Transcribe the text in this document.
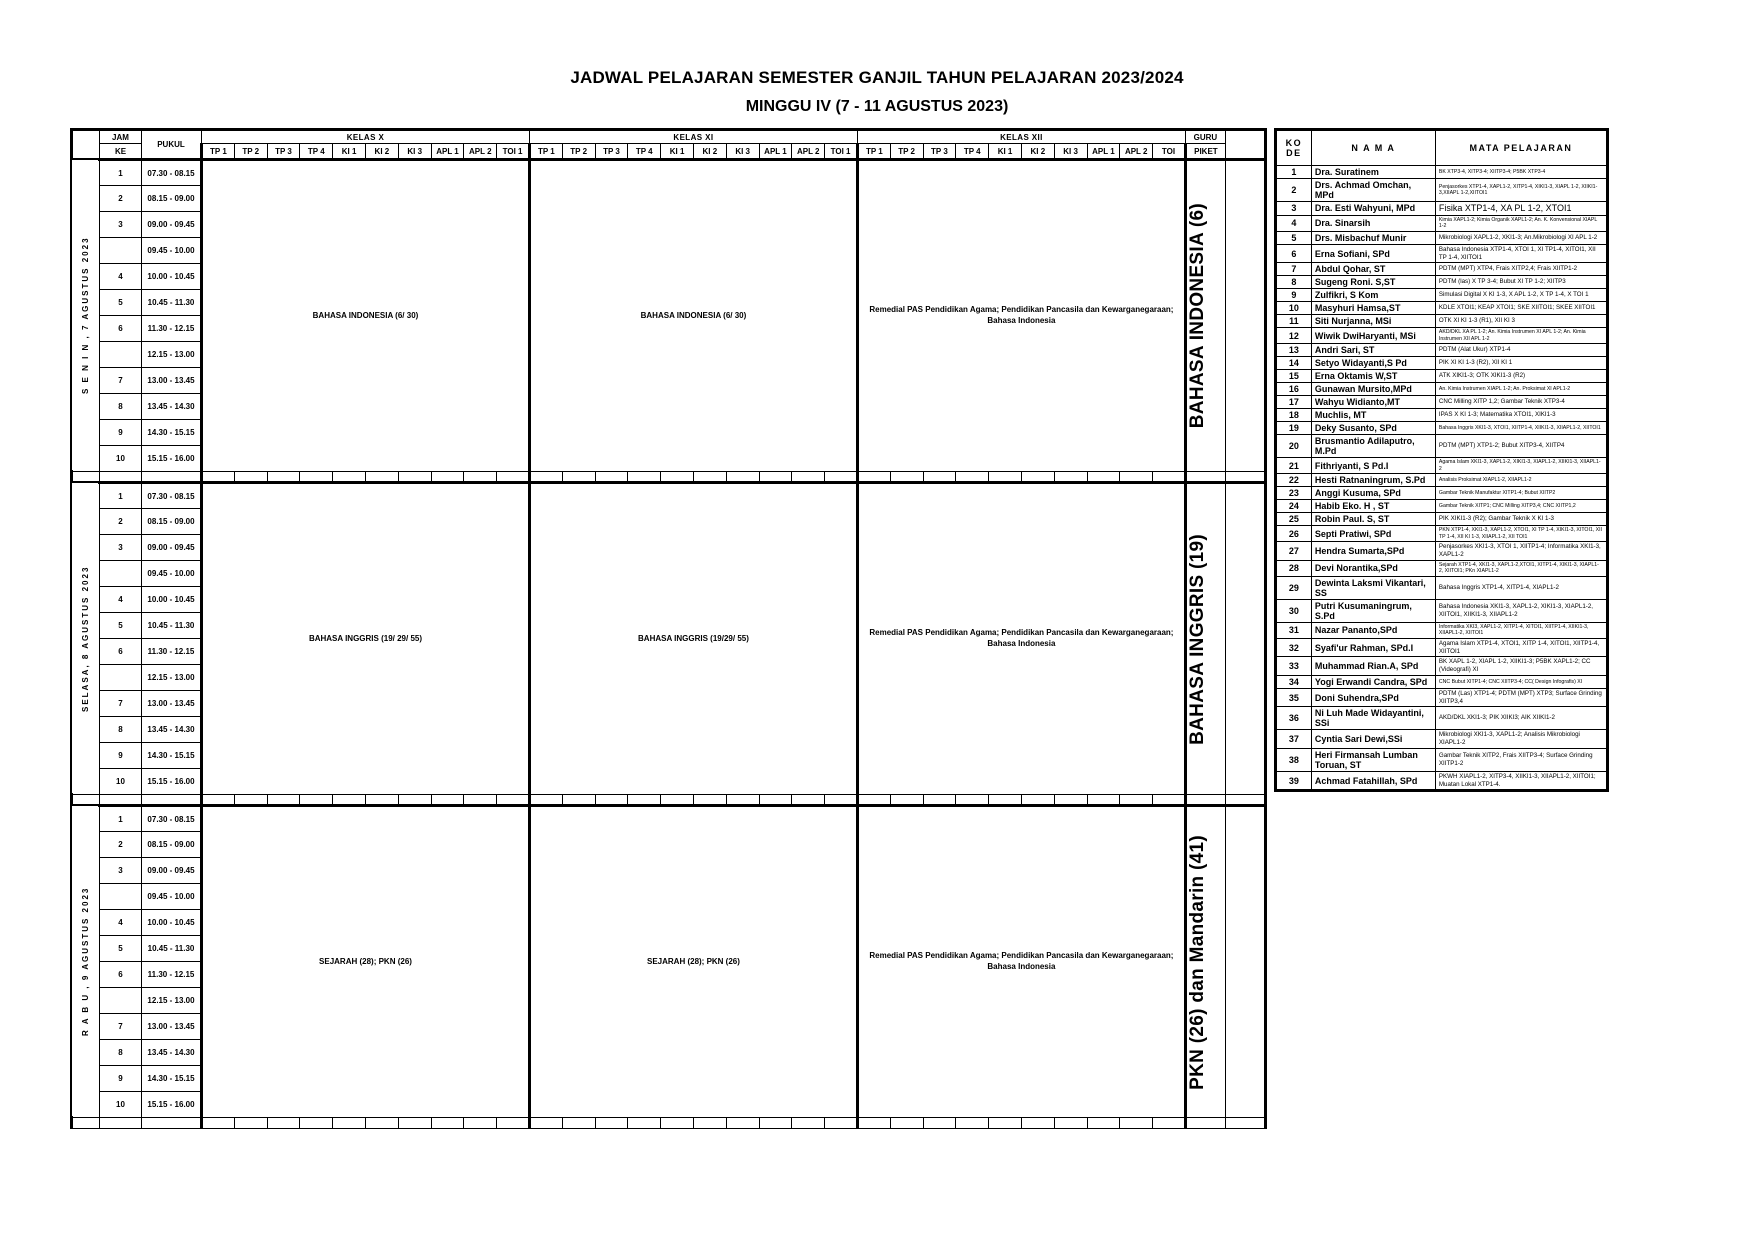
JADWAL PELAJARAN SEMESTER GANJIL TAHUN PELAJARAN 2023/2024
MINGGU IV (7 - 11 AGUSTUS 2023)
	JAM	PUKUL	KELAS X										KELAS XI										KELAS XII										GURU	
	KE		TP 1	TP 2	TP 3	TP 4	KI 1	KI 2	KI 3	APL 1	APL 2	TOI 1	TP 1	TP 2	TP 3	TP 4	KI 1	KI 2	KI 3	APL 1	APL 2	TOI 1	TP 1	TP 2	TP 3	TP 4	KI 1	KI 2	KI 3	APL 1	APL 2	TOI	PIKET	
S E N I N , 7 AGUSTUS 2023	1	07.30 - 08.15	BAHASA INDONESIA (6/ 30)										BAHASA INDONESIA (6/ 30)										Remedial PAS Pendidikan Agama; Pendidikan Pancasila dan Kewarganegaraan; Bahasa Indonesia										BAHASA INDONESIA (6)	

	2	08.15 - 09.00																																
	3	09.00 - 09.45																																
		09.45 - 10.00																																
	4	10.00 - 10.45																																
	5	10.45 - 11.30																																
	6	11.30 - 12.15																																
		12.15 - 13.00																																
	7	13.00 - 13.45																																
	8	13.45 - 14.30																																
	9	14.30 - 15.15																																
	10	15.15 - 16.00																																

SELASA, 8 AGUSTUS 2023	1	07.30 - 08.15	BAHASA INGGRIS (19/ 29/ 55)										BAHASA INGGRIS (19/29/ 55)										Remedial PAS Pendidikan Agama; Pendidikan Pancasila dan Kewarganegaraan; Bahasa Indonesia										BAHASA INGGRIS (19)	

	2	08.15 - 09.00																																
	3	09.00 - 09.45																																
		09.45 - 10.00																																
	4	10.00 - 10.45																																
	5	10.45 - 11.30																																
	6	11.30 - 12.15																																
		12.15 - 13.00																																
	7	13.00 - 13.45																																
	8	13.45 - 14.30																																
	9	14.30 - 15.15																																
	10	15.15 - 16.00																																

R A B U , 9 AGUSTUS 2023	1	07.30 - 08.15	SEJARAH (28); PKN (26)										SEJARAH (28); PKN (26)										Remedial PAS Pendidikan Agama; Pendidikan Pancasila dan Kewarganegaraan; Bahasa Indonesia										PKN (26) dan Mandarin (41)	

	2	08.15 - 09.00																																
	3	09.00 - 09.45																																
		09.45 - 10.00																																
	4	10.00 - 10.45																																
	5	10.45 - 11.30																																
	6	11.30 - 12.15																																
		12.15 - 13.00																																
	7	13.00 - 13.45																																
	8	13.45 - 14.30																																
	9	14.30 - 15.15																																
	10	15.15 - 16.00																																

KO DE	N A M A	MATA PELAJARAN
1	Dra. Suratinem	BK XTP3-4, XITP3-4; XIITP3-4; P5BK XTP3-4
2	Drs. Achmad Omchan, MPd	Penjasorkes XTP1-4, XAPL1-2, XITP1-4, XIKI1-3, XIAPL 1-2, XIIKI1-3,XIIAPL 1-2,XIITOI1
3	Dra. Esti Wahyuni, MPd	Fisika XTP1-4, XA PL 1-2, XTOI1
4	Dra. Sinarsih	Kimia XAPL1-2; Kimia Organik XAPL1-2; An. K. Konvensional XIAPL 1-2
5	Drs. Misbachuf Munir	Mikrobiologi XAPL1-2, XKI1-3; An.Mikrobiologi XI APL 1-2
6	Erna Sofiani, SPd	Bahasa Indonesia XTP1-4, XTOI 1, XI TP1-4, XITOI1, XII TP 1-4, XIITOI1
7	Abdul Qohar, ST	PDTM (MPT) XTP4, Frais XITP2,4; Frais XIITP1-2
8	Sugeng Roni. S,ST	PDTM (las) X TP 3-4; Bubut XI TP 1-2; XIITP3
9	Zulfikri, S Kom	Simulasi Digital X KI 1-3, X APL 1-2, X TP 1-4, X TOI 1
10	Masyhuri Hamsa,ST	KDLE XTOI1; KEAP XTOI1; SKE XIITOI1; SKEE XIITOI1
11	Siti Nurjanna, MSi	OTK XI KI 1-3 (R1), XII KI 3
12	Wiwik DwiHaryanti, MSi	AKD/DKL XA PL 1-2; An. Kimia Instrumen XI APL 1-2; An. Kimia Instrumen XII APL 1-2
13	Andri Sari, ST	PDTM (Alat Ukur) XTP1-4
14	Setyo Widayanti,S Pd	PIK XI KI 1-3 (R2), XII KI 1
15	Erna Oktamis W,ST	ATK XIKI1-3; OTK XIKI1-3 (R2)
16	Gunawan Mursito,MPd	An. Kimia Instrumen XIAPL 1-2; An. Proksimat XI APL1-2
17	Wahyu Widianto,MT	CNC Milling XITP 1,2; Gambar Teknik XTP3-4
18	Muchlis, MT	IPAS X KI 1-3; Matematika XTOI1, XIKI1-3
19	Deky Susanto, SPd	Bahasa Inggris XKI1-3, XTOI1, XIITP1-4, XIIKI1-3, XIIAPL1-2, XIITOI1
20	Brusmantio Adilaputro, M.Pd	PDTM (MPT) XTP1-2; Bubut XITP3-4, XIITP4
21	Fithriyanti, S Pd.I	Agama Islam XKI1-3, XAPL1-2, XIKI1-3, XIAPL1-2, XIIKI1-3, XIIAPL1-2
22	Hesti Ratnaningrum, S.Pd	Analisis Proksimat XIAPL1-2, XIIAPL1-2
23	Anggi Kusuma, SPd	Gambar Teknik Manufaktur XITP1-4; Bubut XIITP2
24	Habib Eko. H , ST	Gambar Teknik XITP1; CNC Milling XITP3,4; CNC XIITP1,2
25	Robin Paul. S, ST	PIK XIKI1-3 (R2); Gambar Teknik X KI 1-3
26	Septi Pratiwi, SPd	PKN XTP1-4, XKI1-3, XAPL1-2, XTOI1, XI TP 1-4, XIKI1-3, XITOI1, XII TP 1-4, XII KI 1-3, XIIAPL1-2, XII TOI1
27	Hendra Sumarta,SPd	Penjasorkes XKI1-3, XTOI 1, XIITP1-4; Informatika XKI1-3, XAPL1-2
28	Devi Norantika,SPd	Sejarah XTP1-4, XKI1-3, XAPL1-2,XTOI1, XITP1-4, XIKI1-3, XIAPL1-2, XIITOI1; PKn XIAPL1-2
29	Dewinta Laksmi Vikantari, SS	Bahasa Inggris XTP1-4, XITP1-4, XIAPL1-2
30	Putri Kusumaningrum, S.Pd	Bahasa Indonesia XKI1-3, XAPL1-2, XIKI1-3, XIAPL1-2, XIITOI1, XIIKI1-3, XIIAPL1-2
31	Nazar Pananto,SPd	Informatika XKI3, XAPL1-2, XITP1-4, XITOI1, XIITP1-4, XIIKI1-3, XIIAPL1-2, XIITOI1
32	Syafi'ur Rahman, SPd.I	Agama Islam XTP1-4, XTOI1, XITP 1-4, XITOI1, XIITP1-4, XIITOI1
33	Muhammad Rian.A, SPd	BK XAPL 1-2, XIAPL 1-2, XIIKI1-3; P5BK XAPL1-2; CC (Videografi) XI
34	Yogi Erwandi Candra, SPd	CNC Bubut XITP1-4; CNC XIITP3-4; CC( Design Infografis) XI
35	Doni Suhendra,SPd	PDTM (Las) XTP1-4; PDTM (MPT) XTP3; Surface Grinding XIITP3,4
36	Ni Luh Made Widayantini, SSi	AKD/DKL XKI1-3; PIK XIIKI3; AIK XIIKI1-2
37	Cyntia Sari Dewi,SSi	Mikrobiologi XKI1-3, XAPL1-2; Analisis Mikrobiologi XIAPL1-2
38	Heri Firmansah Lumban Toruan, ST	Gambar Teknik XITP2, Frais XIITP3-4; Surface Grinding XIITP1-2
39	Achmad Fatahillah, SPd	PKWH XIAPL1-2, XITP3-4, XIIKI1-3, XIIAPL1-2, XIITOI1; Muatan Lokal XTP1-4.
